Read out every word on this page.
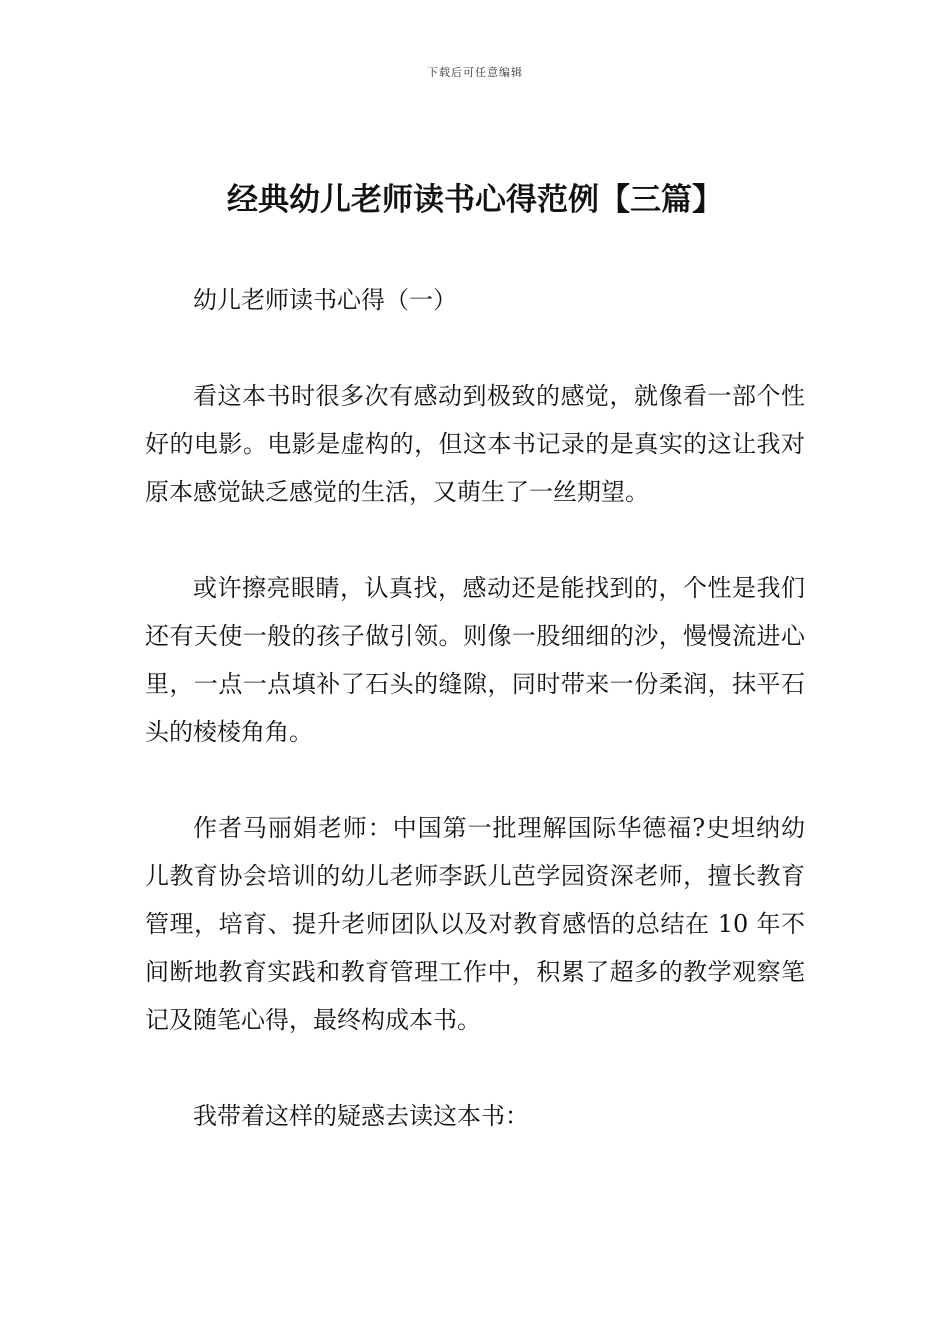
下载后可任意编辑
经典幼儿老师读书心得范例【三篇】

幼儿老师读书心得（一）

看这本书时很多次有感动到极致的感觉，就像看一部个性好的电影。电影是虚构的，但这本书记录的是真实的这让我对原本感觉缺乏感觉的生活，又萌生了一丝期望。

或许擦亮眼睛，认真找，感动还是能找到的，个性是我们还有天使一般的孩子做引领。则像一股细细的沙，慢慢流进心里，一点一点填补了石头的缝隙，同时带来一份柔润，抹平石头的棱棱角角。

作者马丽娟老师：中国第一批理解国际华德福?史坦纳幼儿教育协会培训的幼儿老师李跃儿芭学园资深老师，擅长教育管理，培育、提升老师团队以及对教育感悟的总结在 10 年不间断地教育实践和教育管理工作中，积累了超多的教学观察笔记及随笔心得，最终构成本书。

我带着这样的疑惑去读这本书：
